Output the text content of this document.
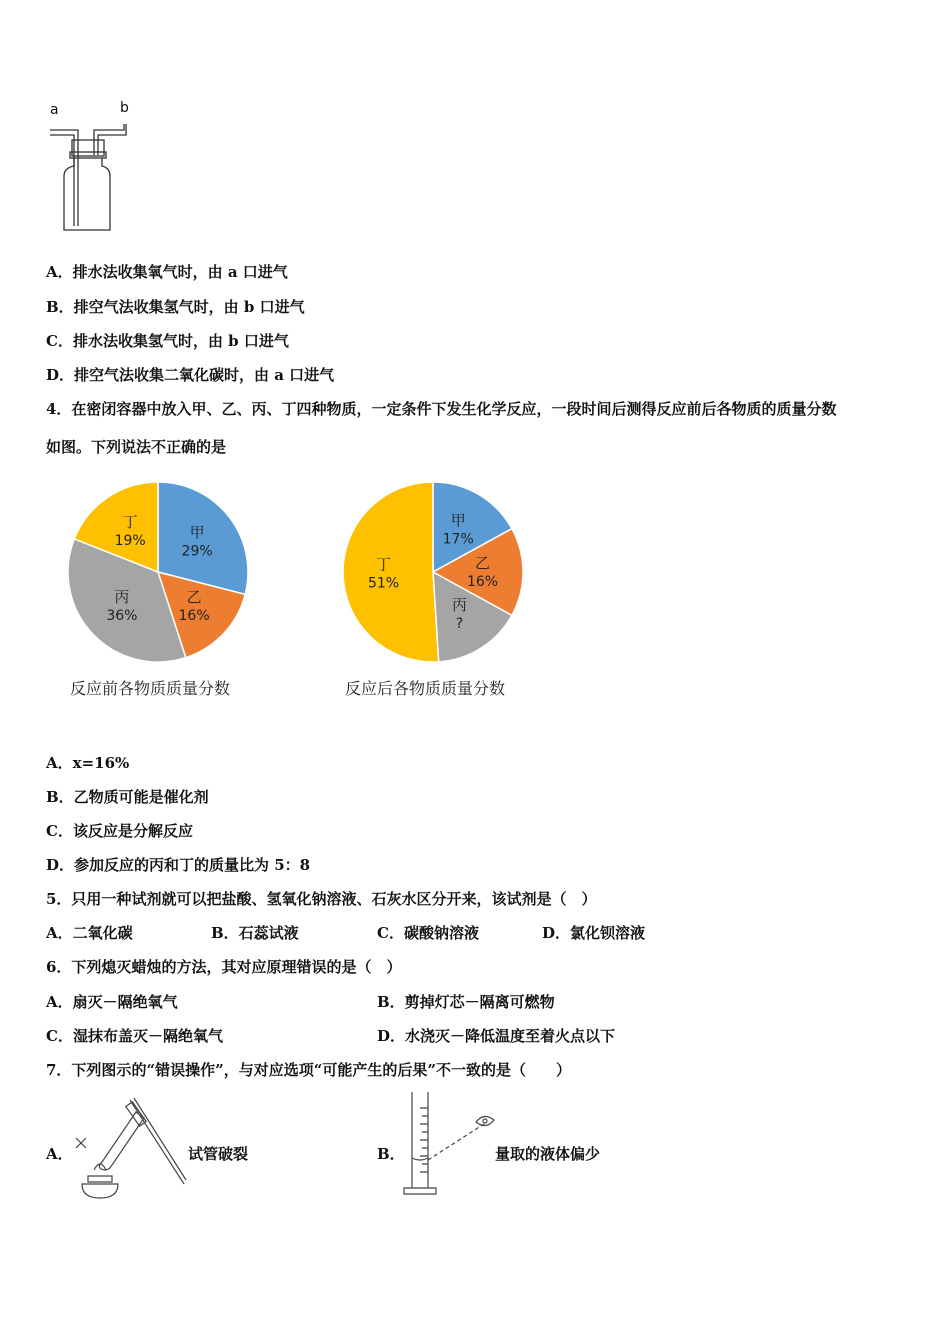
a	b
A．排水法收集氧气时，由 a 口进气
B．排空气法收集氢气时，由 b 口进气
C．排水法收集氢气时，由 b 口进气
D．排空气法收集二氧化碳时，由 a 口进气
4．在密闭容器中放入甲、乙、丙、丁四种物质，一定条件下发生化学反应，一段时间后测得反应前后各物质的质量分数
如图。下列说法不正确的是
甲
29%
乙
16%
丙
36%
丁
19%
甲
17%
乙
16%
丙
?
丁
51%
反应前各物质质量分数	反应后各物质质量分数
A．x=16%
B．乙物质可能是催化剂
C．该反应是分解反应
D．参加反应的丙和丁的质量比为 5：8
5．只用一种试剂就可以把盐酸、氢氧化钠溶液、石灰水区分开来，该试剂是（　）
A．二氧化碳	B．石蕊试液	C．碳酸钠溶液	D．氯化钡溶液
6．下列熄灭蜡烛的方法，其对应原理错误的是（　）
A．扇灭－隔绝氧气	B．剪掉灯芯－隔离可燃物
C．湿抹布盖灭－隔绝氧气	D．水浇灭－降低温度至着火点以下
7．下列图示的“错误操作”，与对应选项“可能产生的后果”不一致的是（　　）
A．	试管破裂	B．	量取的液体偏少
